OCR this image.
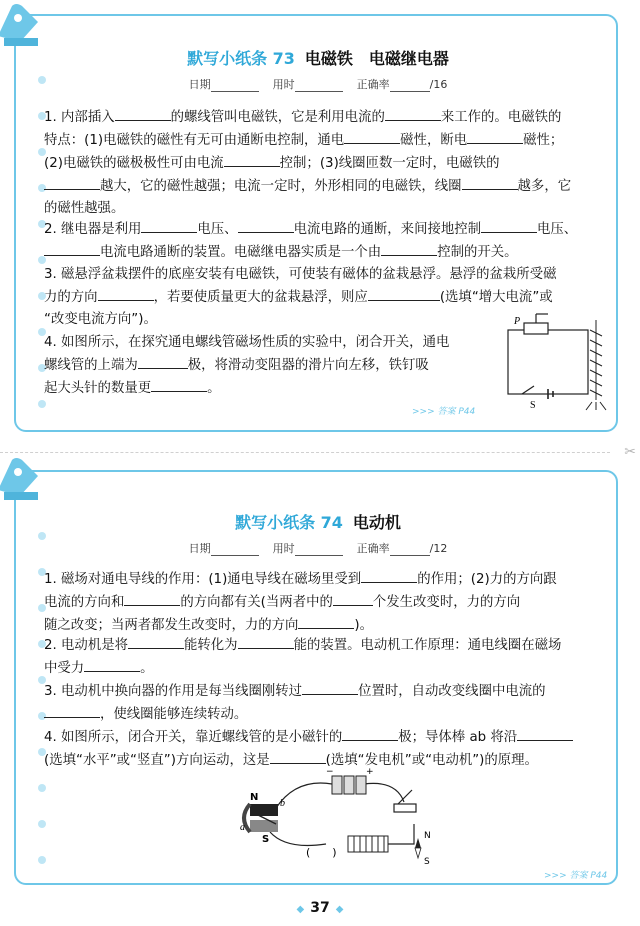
默写小纸条 73 电磁铁　电磁继电器
日期	用时	正确率	/16
1. 内部插入	的螺线管叫电磁铁，它是利用电流的	来工作的。电磁铁的
特点：(1)电磁铁的磁性有无可由通断电控制，通电	磁性，断电	磁性；
(2)电磁铁的磁极极性可由电流	控制；(3)线圈匝数一定时，电磁铁的
越大，它的磁性越强；电流一定时，外形相同的电磁铁，线圈	越多，它
的磁性越强。
2. 继电器是利用	电压、	电流电路的通断，来间接地控制	电压、
电流电路通断的装置。电磁继电器实质是一个由	控制的开关。
3. 磁悬浮盆栽摆件的底座安装有电磁铁，可使装有磁体的盆栽悬浮。悬浮的盆栽所受磁
力的方向	，若要使质量更大的盆栽悬浮，则应	(选填“增大电流”或
“改变电流方向”)。
4. 如图所示，在探究通电螺线管磁场性质的实验中，闭合开关，通电
螺线管的上端为	极，将滑动变阻器的滑片向左移，铁钉吸
起大头针的数量更	。
P
S
>>> 答案 P44
✂
默写小纸条 74 电动机
日期	用时	正确率	/12
1. 磁场对通电导线的作用：(1)通电导线在磁场里受到	的作用；(2)力的方向跟
电流的方向和	的方向都有关(当两者中的	个发生改变时，力的方向
随之改变；当两者都发生改变时，力的方向	)。
2. 电动机是将	能转化为	能的装置。电动机工作原理：通电线圈在磁场
中受力	。
3. 电动机中换向器的作用是每当线圈刚转过	位置时，自动改变线圈中电流的
，使线圈能够连续转动。
4. 如图所示，闭合开关，靠近螺线管的是小磁针的	极；导体棒 ab 将沿
(选填“水平”或“竖直”)方向运动，这是	(选填“发电机”或“电动机”)的原理。
N
S
a
b
N
S
(　　)
+
−
>>> 答案 P44
◆ 37 ◆
